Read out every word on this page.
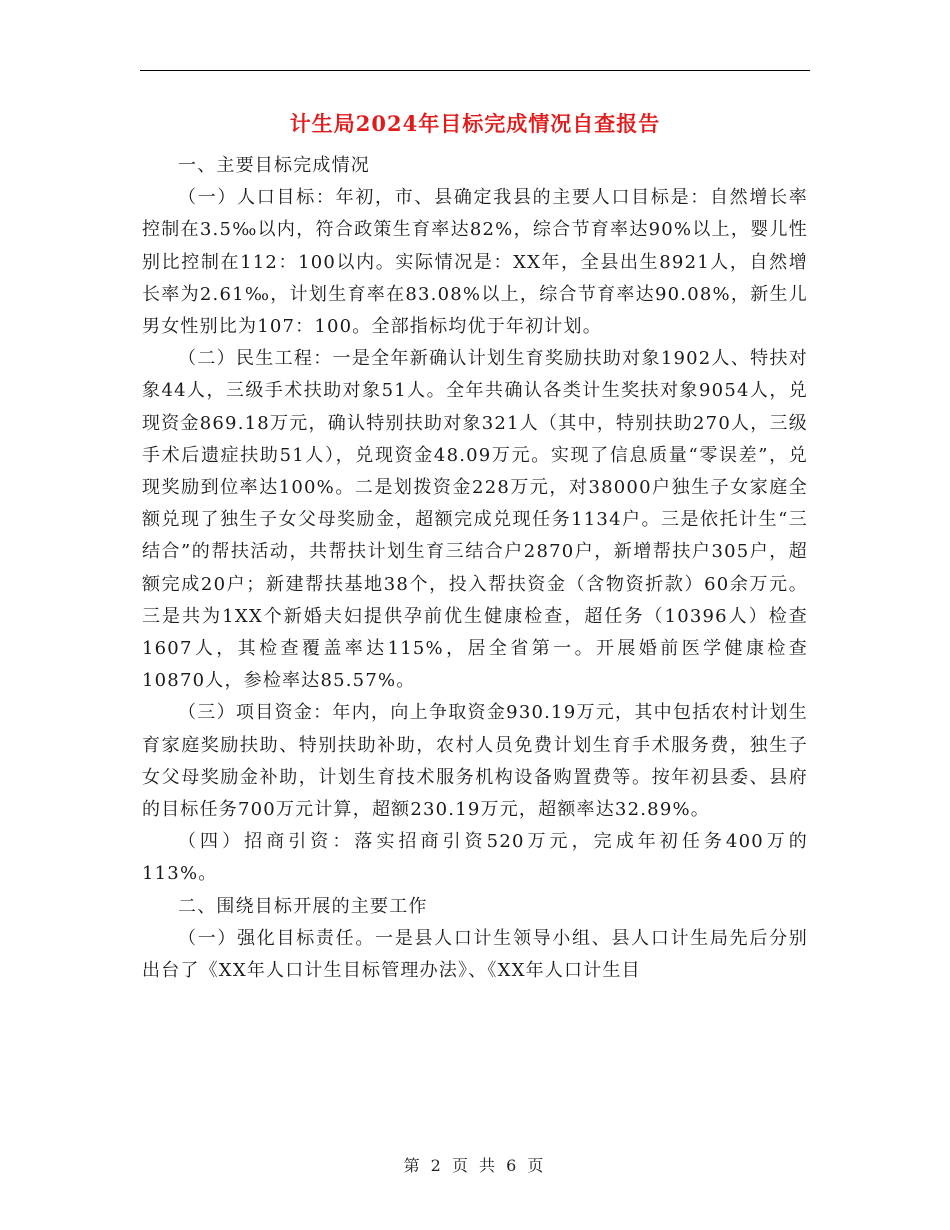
计生局2024年目标完成情况自查报告

一、主要目标完成情况

（一）人口目标：年初，市、县确定我县的主要人口目标是：自然增长率控制在3.5‰以内，符合政策生育率达82%，综合节育率达90%以上，婴儿性别比控制在112：100以内。实际情况是：XX年，全县出生8921人，自然增长率为2.61‰，计划生育率在83.08%以上，综合节育率达90.08%，新生儿男女性别比为107：100。全部指标均优于年初计划。

（二）民生工程：一是全年新确认计划生育奖励扶助对象1902人、特扶对象44人，三级手术扶助对象51人。全年共确认各类计生奖扶对象9054人，兑现资金869.18万元，确认特别扶助对象321人（其中，特别扶助270人，三级手术后遗症扶助51人），兑现资金48.09万元。实现了信息质量“零误差”，兑现奖励到位率达100%。二是划拨资金228万元，对38000户独生子女家庭全额兑现了独生子女父母奖励金，超额完成兑现任务1134户。三是依托计生“三结合”的帮扶活动，共帮扶计划生育三结合户2870户，新增帮扶户305户，超额完成20户；新建帮扶基地38个，投入帮扶资金（含物资折款）60余万元。三是共为1XX个新婚夫妇提供孕前优生健康检查，超任务（10396人）检查1607人，其检查覆盖率达115%，居全省第一。开展婚前医学健康检查10870人，参检率达85.57%。

（三）项目资金：年内，向上争取资金930.19万元，其中包括农村计划生育家庭奖励扶助、特别扶助补助，农村人员免费计划生育手术服务费，独生子女父母奖励金补助，计划生育技术服务机构设备购置费等。按年初县委、县府的目标任务700万元计算，超额230.19万元，超额率达32.89%。

（四）招商引资：落实招商引资520万元，完成年初任务400万的113%。

二、围绕目标开展的主要工作

（一）强化目标责任。一是县人口计生领导小组、县人口计生局先后分别出台了《XX年人口计生目标管理办法》、《XX年人口计生目

第 2 页 共 6 页
